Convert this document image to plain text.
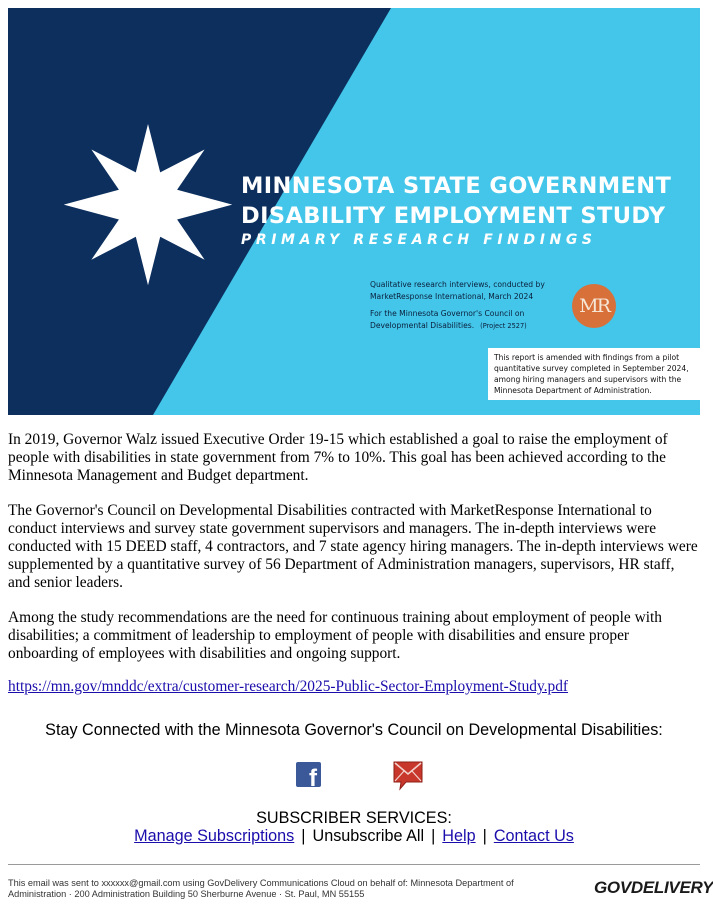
MINNESOTA STATE GOVERNMENT
DISABILITY EMPLOYMENT STUDY
PRIMARY RESEARCH FINDINGS
Qualitative research interviews, conducted by
MarketResponse International, March 2024
For the Minnesota Governor's Council on
Developmental Disabilities. (Project 2527)
MR
This report is amended with findings from a pilot
quantitative survey completed in September 2024,
among hiring managers and supervisors with the
Minnesota Department of Administration.

In 2019, Governor Walz issued Executive Order 19-15 which established a goal to raise the employment of people with disabilities in state government from 7% to 10%. This goal has been achieved according to the Minnesota Management and Budget department.

The Governor's Council on Developmental Disabilities contracted with MarketResponse International to conduct interviews and survey state government supervisors and managers. The in-depth interviews were conducted with 15 DEED staff, 4 contractors, and 7 state agency hiring managers. The in-depth interviews were supplemented by a quantitative survey of 56 Department of Administration managers, supervisors, HR staff, and senior leaders.

Among the study recommendations are the need for continuous training about employment of people with disabilities; a commitment of leadership to employment of people with disabilities and ensure proper onboarding of employees with disabilities and ongoing support.

https://mn.gov/mnddc/extra/customer-research/2025-Public-Sector-Employment-Study.pdf
Stay Connected with the Minnesota Governor's Council on Developmental Disabilities:
f
SUBSCRIBER SERVICES:
Manage Subscriptions | Unsubscribe All | Help | Contact Us
This email was sent to xxxxxx@gmail.com using GovDelivery Communications Cloud on behalf of: Minnesota Department of
Administration · 200 Administration Building 50 Sherburne Avenue · St. Paul, MN 55155	GOVDELIVERY
